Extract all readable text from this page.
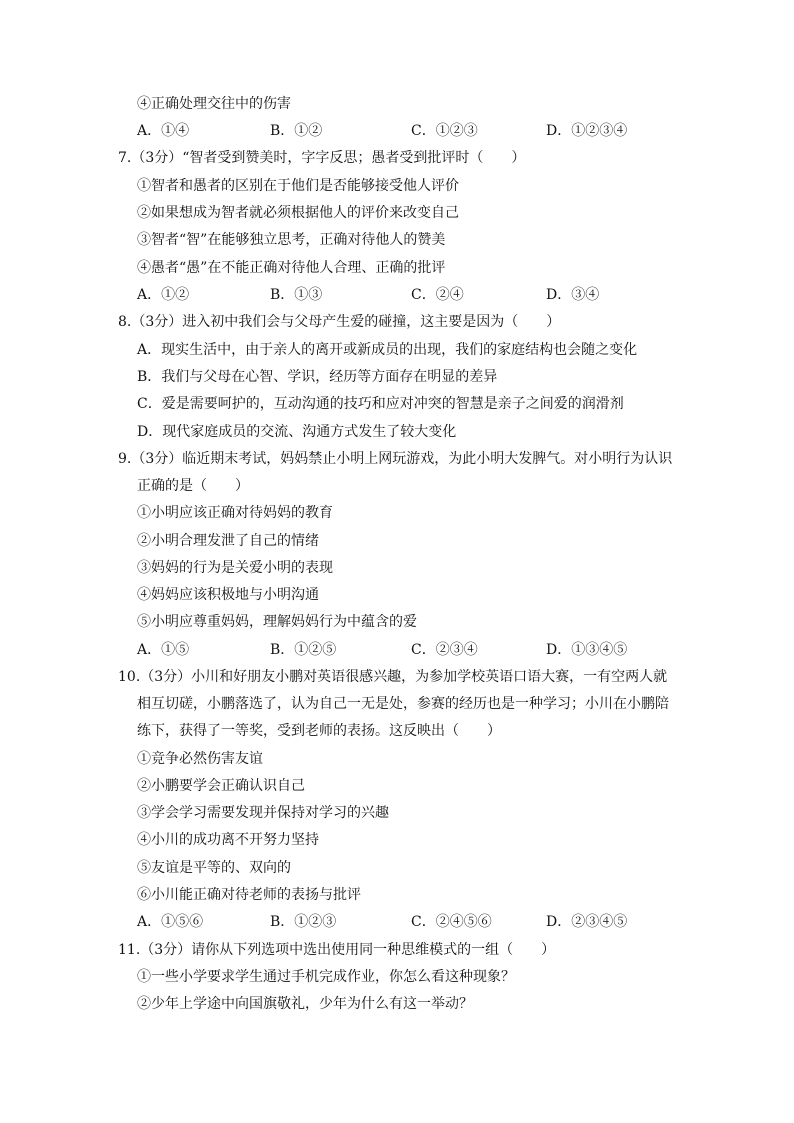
④正确处理交往中的伤害
A．①④	B．①②	C．①②③	D．①②③④
7.（3分）“智者受到赞美时，字字反思；愚者受到批评时（　　）
①智者和愚者的区别在于他们是否能够接受他人评价
②如果想成为智者就必须根据他人的评价来改变自己
③智者“智”在能够独立思考，正确对待他人的赞美
④愚者“愚”在不能正确对待他人合理、正确的批评
A．①②	B．①③	C．②④	D．③④
8.（3分）进入初中我们会与父母产生爱的碰撞，这主要是因为（　　）
A．现实生活中，由于亲人的离开或新成员的出现，我们的家庭结构也会随之变化
B．我们与父母在心智、学识，经历等方面存在明显的差异
C．爱是需要呵护的，互动沟通的技巧和应对冲突的智慧是亲子之间爱的润滑剂
D．现代家庭成员的交流、沟通方式发生了较大变化
9.（3分）临近期末考试，妈妈禁止小明上网玩游戏，为此小明大发脾气。对小明行为认识
正确的是（　　）
①小明应该正确对待妈妈的教育
②小明合理发泄了自己的情绪
③妈妈的行为是关爱小明的表现
④妈妈应该积极地与小明沟通
⑤小明应尊重妈妈，理解妈妈行为中蕴含的爱
A．①⑤	B．①②⑤	C．②③④	D．①③④⑤
10.（3分）小川和好朋友小鹏对英语很感兴趣，为参加学校英语口语大赛，一有空两人就
相互切磋，小鹏落选了，认为自己一无是处，参赛的经历也是一种学习；小川在小鹏陪
练下，获得了一等奖，受到老师的表扬。这反映出（　　）
①竞争必然伤害友谊
②小鹏要学会正确认识自己
③学会学习需要发现并保持对学习的兴趣
④小川的成功离不开努力坚持
⑤友谊是平等的、双向的
⑥小川能正确对待老师的表扬与批评
A．①⑤⑥	B．①②③	C．②④⑤⑥	D．②③④⑤
11.（3分）请你从下列选项中选出使用同一种思维模式的一组（　　）
①一些小学要求学生通过手机完成作业，你怎么看这种现象？
②少年上学途中向国旗敬礼，少年为什么有这一举动？
